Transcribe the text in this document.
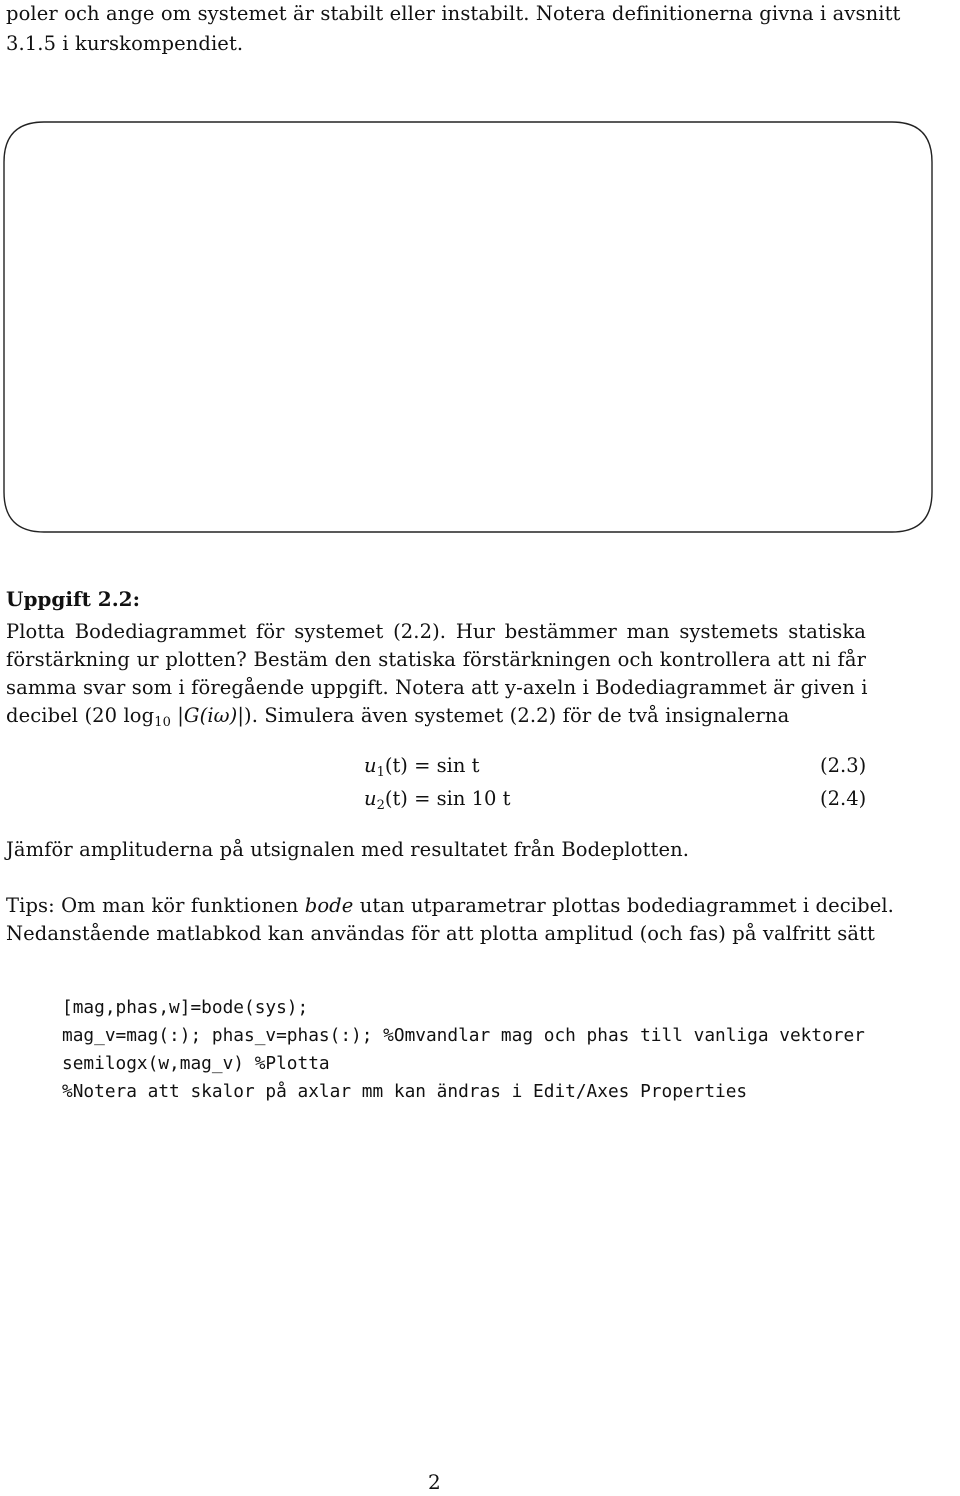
poler och ange om systemet är stabilt eller instabilt. Notera definitionerna givna i avsnitt
3.1.5 i kurskompendiet.
Uppgift 2.2:
Plotta Bodediagrammet för systemet (2.2). Hur bestämmer man systemets statiska
förstärkning ur plotten? Bestäm den statiska förstärkningen och kontrollera att ni får
samma svar som i föregående uppgift. Notera att y-axeln i Bodediagrammet är given i
decibel (20 $\log_{10} |G(i\omega)|$). Simulera även systemet (2.2) för de två insignalerna
$u_1(t) = \sin t$	(2.3)
$u_2(t) = \sin 10$ t	(2.4)
Jämför amplituderna på utsignalen med resultatet från Bodeplotten.
Tips: Om man kör funktionen bode utan utparametrar plottas bodediagrammet i decibel.
Nedanstående matlabkod kan användas för att plotta amplitud (och fas) på valfritt sätt
[mag,phas,w]=bode(sys);
mag_v=mag(:); phas_v=phas(:); %Omvandlar mag och phas till vanliga vektorer
semilogx(w,mag_v) %Plotta
%Notera att skalor på axlar mm kan ändras i Edit/Axes Properties
2
